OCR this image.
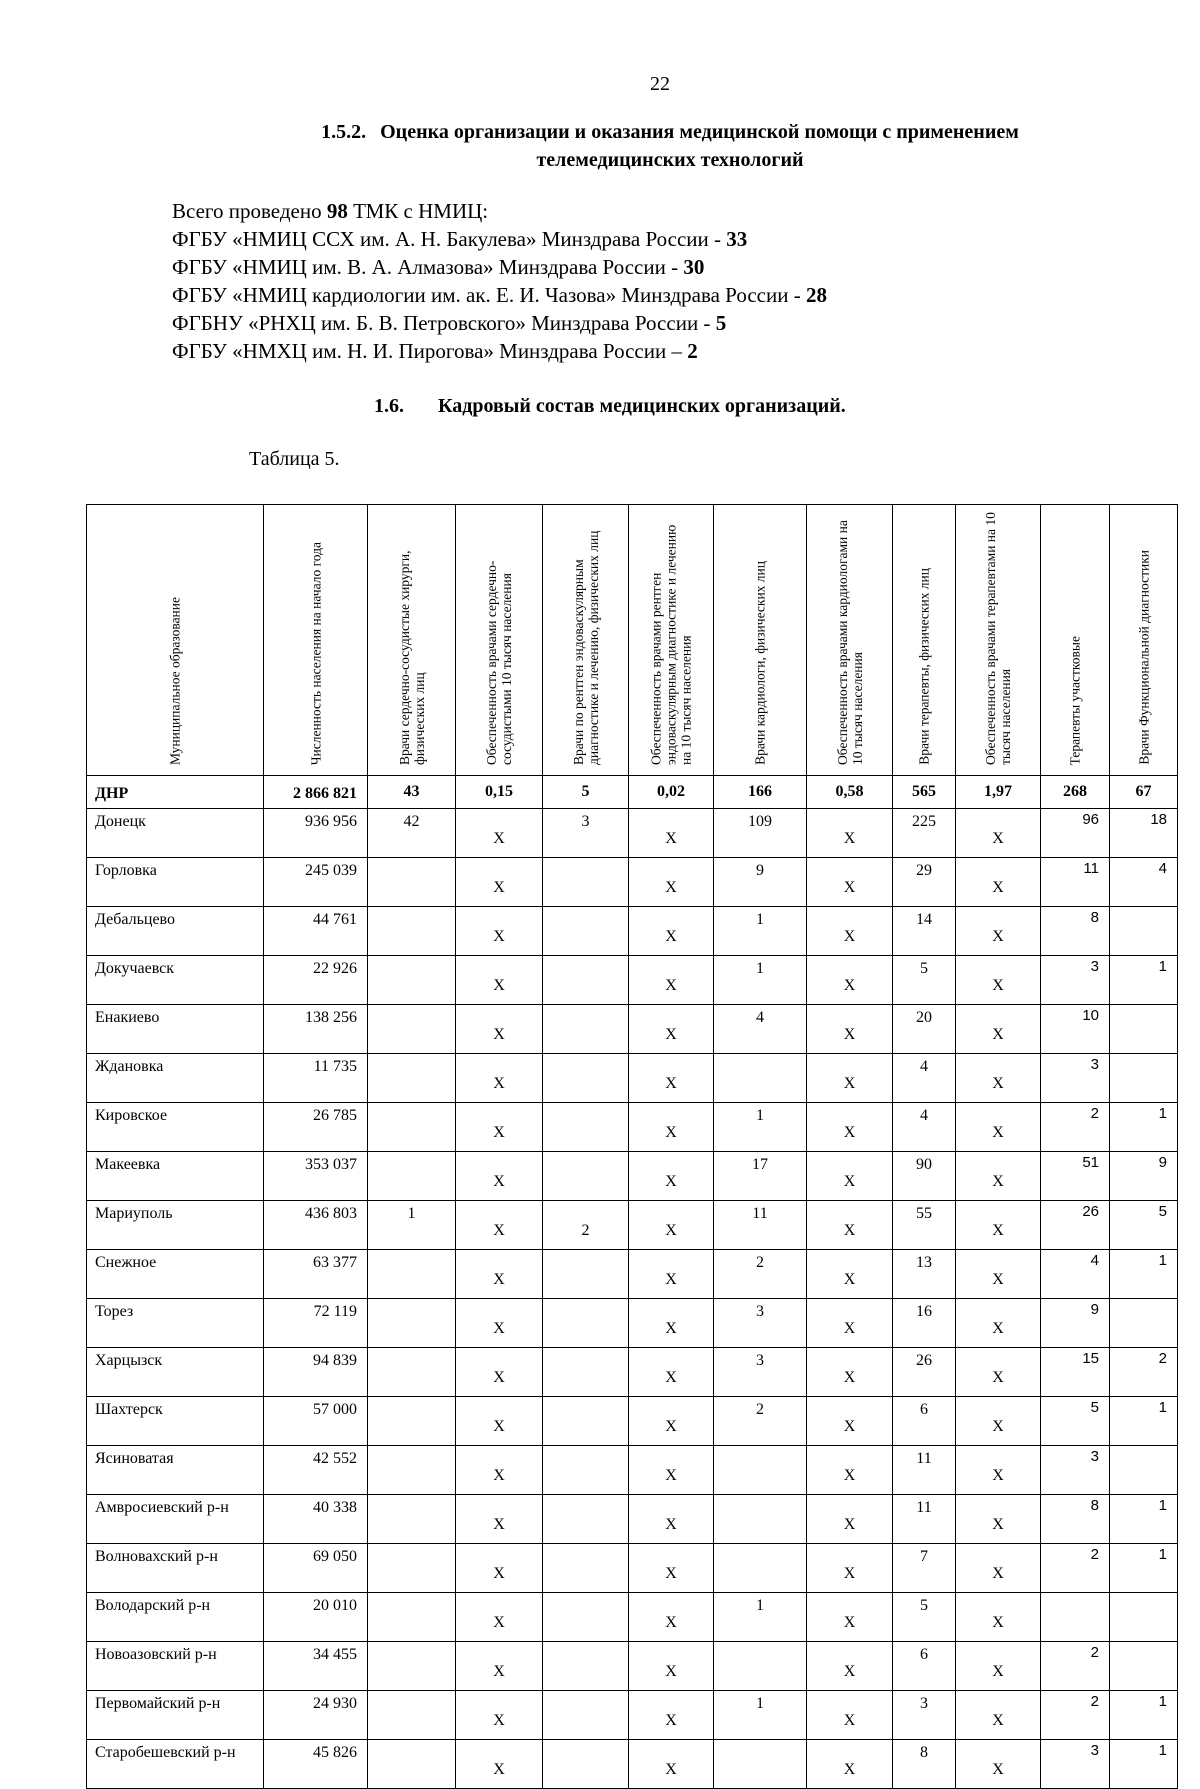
22
1.5.2. Оценка организации и оказания медицинской помощи с применением
телемедицинских технологий
Всего проведено 98 ТМК с НМИЦ:
ФГБУ «НМИЦ ССХ им. А. Н. Бакулева» Минздрава России - 33
ФГБУ «НМИЦ им. В. А. Алмазова» Минздрава России - 30
ФГБУ «НМИЦ кардиологии им. ак. Е. И. Чазова» Минздрава России - 28
ФГБНУ «РНХЦ им. Б. В. Петровского» Минздрава России - 5
ФГБУ «НМХЦ им. Н. И. Пирогова» Минздрава России – 2
1.6. Кадровый состав медицинских организаций.
Таблица 5.
Муниципальное образование	Численность населения на начало года	Врачи сердечно-сосудистые хирурги, физических лиц	Обеспеченность врачами сердечно-сосудистыми 10 тысяч населения	Врачи по рентген эндоваскулярным диагностике и лечению, физических лиц	Обеспеченность врачами рентген эндоваскулярным диагностике и лечению на 10 тысяч населения	Врачи кардиологи, физических лиц	Обеспеченность врачами кардиологами на 10 тысяч населения	Врачи терапевты, физических лиц	Обеспеченность врачами терапевтами на 10 тысяч населения	Терапевты участковые	Врачи Функциональной диагностики

ДНР	2 866 821	43	0,15	5	0,02	166	0,58	565	1,97	268	67
Донецк	936 956	42	Х	3	Х	109	Х	225	Х	96	18
Горловка	245 039		Х		Х	9	Х	29	Х	11	4
Дебальцево	44 761		Х		Х	1	Х	14	Х	8	
Докучаевск	22 926		Х		Х	1	Х	5	Х	3	1
Енакиево	138 256		Х		Х	4	Х	20	Х	10	
Ждановка	11 735		Х		Х		Х	4	Х	3	
Кировское	26 785		Х		Х	1	Х	4	Х	2	1
Макеевка	353 037		Х		Х	17	Х	90	Х	51	9
Мариуполь	436 803	1	Х	2	Х	11	Х	55	Х	26	5
Снежное	63 377		Х		Х	2	Х	13	Х	4	1
Торез	72 119		Х		Х	3	Х	16	Х	9	
Харцызск	94 839		Х		Х	3	Х	26	Х	15	2
Шахтерск	57 000		Х		Х	2	Х	6	Х	5	1
Ясиноватая	42 552		Х		Х		Х	11	Х	3	
Амвросиевский р-н	40 338		Х		Х		Х	11	Х	8	1
Волновахский р-н	69 050		Х		Х		Х	7	Х	2	1
Володарский р-н	20 010		Х		Х	1	Х	5	Х		
Новоазовский р-н	34 455		Х		Х		Х	6	Х	2	
Первомайский р-н	24 930		Х		Х	1	Х	3	Х	2	1
Старобешевский р-н	45 826		Х		Х		Х	8	Х	3	1
